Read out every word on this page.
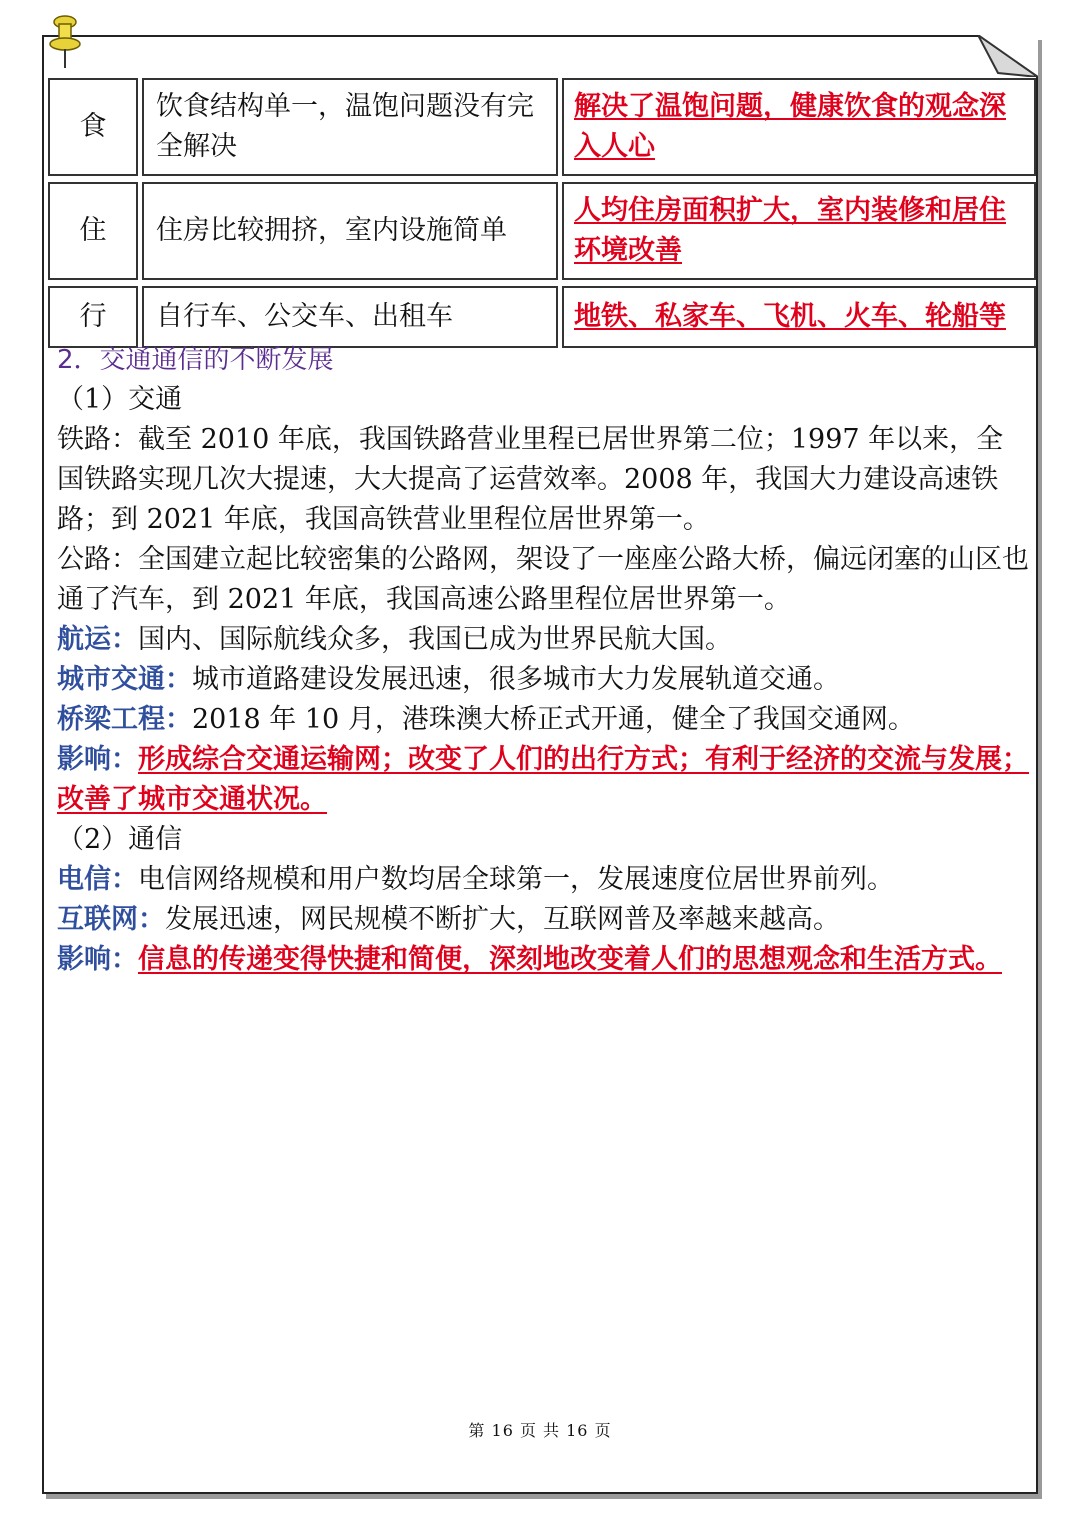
食	饮食结构单一，温饱问题没有完全解决	解决了温饱问题，健康饮食的观念深入人心

住	住房比较拥挤，室内设施简单	人均住房面积扩大，室内装修和居住环境改善

行	自行车、公交车、出租车	地铁、私家车、飞机、火车、轮船等

2．交通通信的不断发展

（1）交通

铁路：截至 2010 年底，我国铁路营业里程已居世界第二位；1997 年以来，全国铁路实现几次大提速，大大提高了运营效率。2008 年，我国大力建设高速铁路；到 2021 年底，我国高铁营业里程位居世界第一。

公路：全国建立起比较密集的公路网，架设了一座座公路大桥，偏远闭塞的山区也通了汽车，到 2021 年底，我国高速公路里程位居世界第一。

航运：国内、国际航线众多，我国已成为世界民航大国。

城市交通：城市道路建设发展迅速，很多城市大力发展轨道交通。

桥梁工程：2018 年 10 月，港珠澳大桥正式开通，健全了我国交通网。

影响：形成综合交通运输网；改变了人们的出行方式；有利于经济的交流与发展；改善了城市交通状况。

（2）通信

电信：电信网络规模和用户数均居全球第一，发展速度位居世界前列。

互联网：发展迅速，网民规模不断扩大，互联网普及率越来越高。

影响：信息的传递变得快捷和简便，深刻地改变着人们的思想观念和生活方式。

第 16 页 共 16 页
